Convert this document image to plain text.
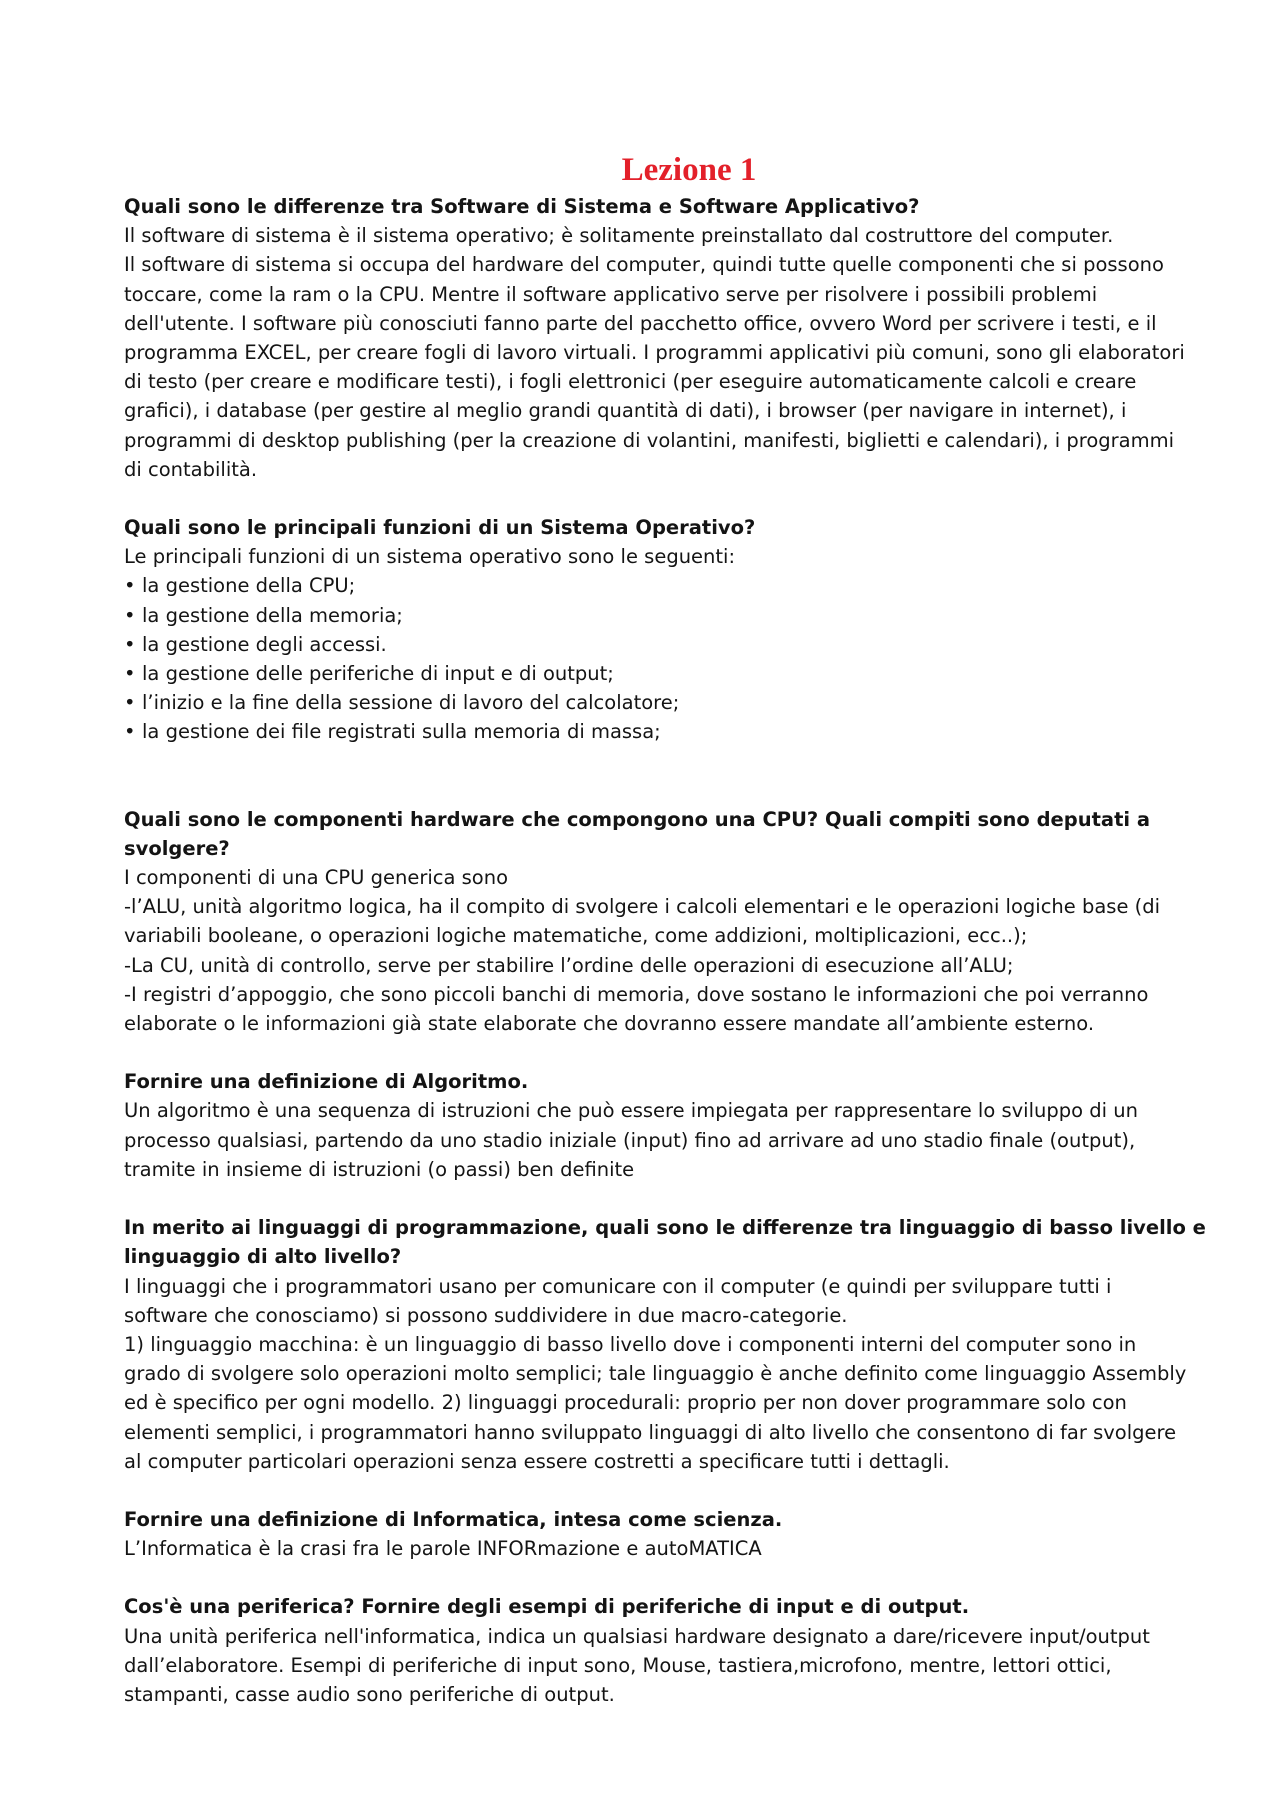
Lezione 1

Quali sono le differenze tra Software di Sistema e Software Applicativo?

Il software di sistema è il sistema operativo; è solitamente preinstallato dal costruttore del computer.
Il software di sistema si occupa del hardware del computer, quindi tutte quelle componenti che si possono
toccare, come la ram o la CPU. Mentre il software applicativo serve per risolvere i possibili problemi
dell'utente. I software più conosciuti fanno parte del pacchetto office, ovvero Word per scrivere i testi, e il
programma EXCEL, per creare fogli di lavoro virtuali. I programmi applicativi più comuni, sono gli elaboratori
di testo (per creare e modificare testi), i fogli elettronici (per eseguire automaticamente calcoli e creare
grafici), i database (per gestire al meglio grandi quantità di dati), i browser (per navigare in internet), i
programmi di desktop publishing (per la creazione di volantini, manifesti, biglietti e calendari), i programmi
di contabilità.

Quali sono le principali funzioni di un Sistema Operativo?

Le principali funzioni di un sistema operativo sono le seguenti:

• la gestione della CPU;
• la gestione della memoria;
• la gestione degli accessi.
• la gestione delle periferiche di input e di output;
• l’inizio e la fine della sessione di lavoro del calcolatore;
• la gestione dei file registrati sulla memoria di massa;

Quali sono le componenti hardware che compongono una CPU? Quali compiti sono deputati a svolgere?

I componenti di una CPU generica sono
-l’ALU, unità algoritmo logica, ha il compito di svolgere i calcoli elementari e le operazioni logiche base (di
variabili booleane, o operazioni logiche matematiche, come addizioni, moltiplicazioni, ecc..);
-La CU, unità di controllo, serve per stabilire l’ordine delle operazioni di esecuzione all’ALU;
-I registri d’appoggio, che sono piccoli banchi di memoria, dove sostano le informazioni che poi verranno
elaborate o le informazioni già state elaborate che dovranno essere mandate all’ambiente esterno.

Fornire una definizione di Algoritmo.

Un algoritmo è una sequenza di istruzioni che può essere impiegata per rappresentare lo sviluppo di un
processo qualsiasi, partendo da uno stadio iniziale (input) fino ad arrivare ad uno stadio finale (output),
tramite in insieme di istruzioni (o passi) ben definite

In merito ai linguaggi di programmazione, quali sono le differenze tra linguaggio di basso livello e
linguaggio di alto livello?

I linguaggi che i programmatori usano per comunicare con il computer (e quindi per sviluppare tutti i
software che conosciamo) si possono suddividere in due macro-categorie.
1) linguaggio macchina: è un linguaggio di basso livello dove i componenti interni del computer sono in
grado di svolgere solo operazioni molto semplici; tale linguaggio è anche definito come linguaggio Assembly
ed è specifico per ogni modello. 2) linguaggi procedurali: proprio per non dover programmare solo con
elementi semplici, i programmatori hanno sviluppato linguaggi di alto livello che consentono di far svolgere
al computer particolari operazioni senza essere costretti a specificare tutti i dettagli.

Fornire una definizione di Informatica, intesa come scienza.

L’Informatica è la crasi fra le parole INFORmazione e autoMATICA

Cos'è una periferica? Fornire degli esempi di periferiche di input e di output.

Una unità periferica nell'informatica, indica un qualsiasi hardware designato a dare/ricevere input/output
dall’elaboratore. Esempi di periferiche di input sono, Mouse, tastiera,microfono, mentre, lettori ottici,
stampanti, casse audio sono periferiche di output.
